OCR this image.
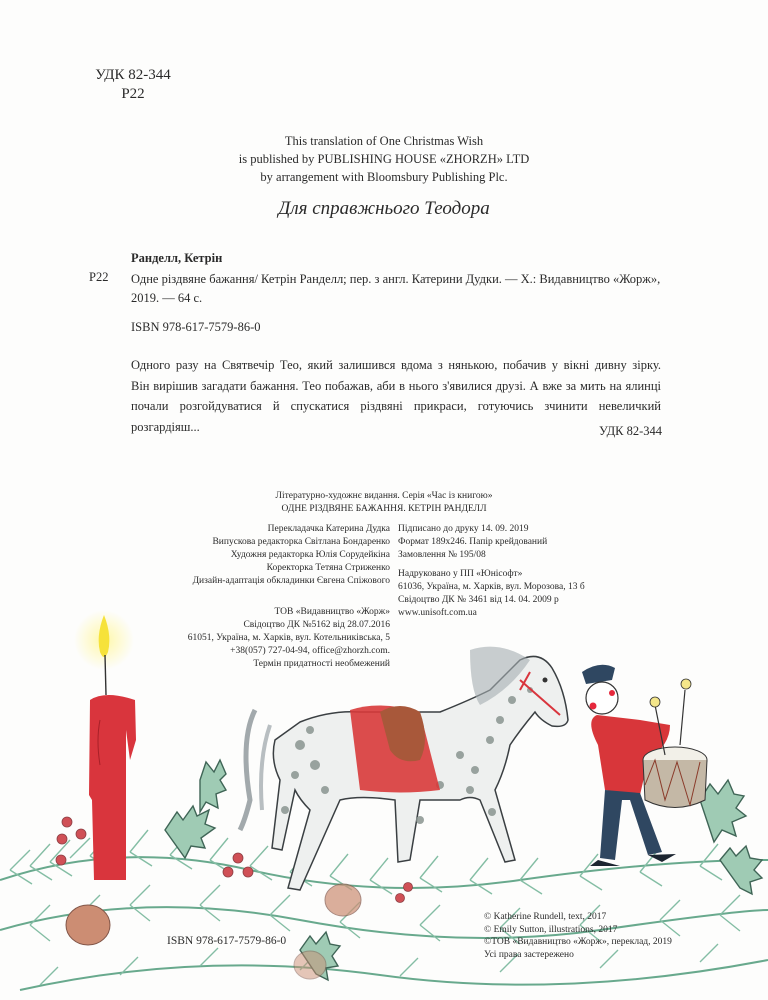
УДК 82-344
Р22
This translation of One Christmas Wish
is published by PUBLISHING HOUSE «ZHORZH» LTD
by arrangement with Bloomsbury Publishing Plc.
Для справжнього Теодора
Ранделл, Кетрін
Р22 Одне різдвяне бажання/ Кетрін Ранделл; пер. з англ. Катерини Дудки. — Х.: Видавництво «Жорж»,
2019. — 64 с.
ISBN 978-617-7579-86-0
Одного разу на Святвечір Тео, який залишився вдома з нянькою, побачив у вікні дивну зірку.
Він вирішив загадати бажання. Тео побажав, аби в нього з'явилися друзі. А вже за мить на ялинці
почали розгойдуватися й спускатися різдвяні прикраси, готуючись зчинити невеличкий розгардіяш...	УДК 82-344
Літературно-художнє видання. Серія «Час із книгою»
ОДНЕ РІЗДВЯНЕ БАЖАННЯ. КЕТРІН РАНДЕЛЛ
Перекладачка Катерина Дудка
Випускова редакторка Світлана Бондаренко
Художня редакторка Юлія Сорудейкіна
Коректорка Тетяна Стриженко
Дизайн-адаптація обкладинки Євгена Спіжового
Підписано до друку 14. 09. 2019
Формат 189х246. Папір крейдований
Замовлення № 195/08
Надруковано у ПП «Юнісофт»
61036, Україна, м. Харків, вул. Морозова, 13 б
Свідоцтво ДК № 3461 від 14. 04. 2009 р
www.unisoft.com.ua
ТОВ «Видавництво «Жорж»
Свідоцтво ДК №5162 від 28.07.2016
61051, Україна, м. Харків, вул. Котельниківська, 5
+38(057) 727-04-94, office@zhorzh.com.
Термін придатності необмежений
ISBN 978-617-7579-86-0
© Katherine Rundell, text, 2017
© Emily Sutton, illustrations, 2017
©ТОВ «Видавництво «Жорж», переклад, 2019
Усі права застережено
